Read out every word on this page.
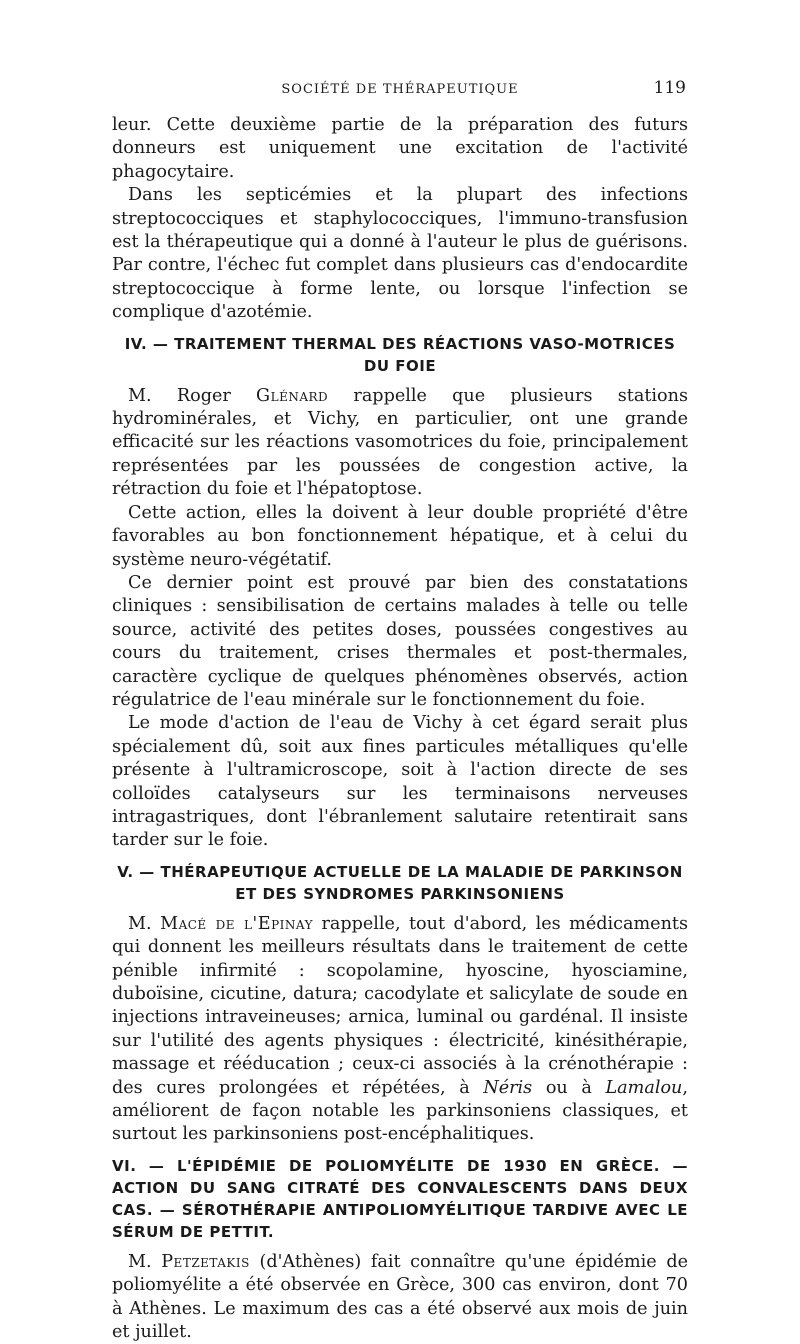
SOCIÉTÉ DE THÉRAPEUTIQUE	119

leur. Cette deuxième partie de la préparation des futurs donneurs est uniquement une excitation de l'activité phagocytaire.

Dans les septicémies et la plupart des infections streptococciques et staphylococciques, l'immuno-transfusion est la thérapeutique qui a donné à l'auteur le plus de guérisons. Par contre, l'échec fut complet dans plusieurs cas d'endocardite streptococcique à forme lente, ou lorsque l'infection se complique d'azotémie.

IV. — TRAITEMENT THERMAL DES RÉACTIONS VASO-MOTRICES DU FOIE

M. Roger Glénard rappelle que plusieurs stations hydrominérales, et Vichy, en particulier, ont une grande efficacité sur les réactions vasomotrices du foie, principalement représentées par les poussées de congestion active, la rétraction du foie et l'hépatoptose.

Cette action, elles la doivent à leur double propriété d'être favorables au bon fonctionnement hépatique, et à celui du système neuro-végétatif.

Ce dernier point est prouvé par bien des constatations cliniques : sensibilisation de certains malades à telle ou telle source, activité des petites doses, poussées congestives au cours du traitement, crises thermales et post-thermales, caractère cyclique de quelques phénomènes observés, action régulatrice de l'eau minérale sur le fonctionnement du foie.

Le mode d'action de l'eau de Vichy à cet égard serait plus spécialement dû, soit aux fines particules métalliques qu'elle présente à l'ultramicroscope, soit à l'action directe de ses colloïdes catalyseurs sur les terminaisons nerveuses intragastriques, dont l'ébranlement salutaire retentirait sans tarder sur le foie.

V. — THÉRAPEUTIQUE ACTUELLE DE LA MALADIE DE PARKINSON ET DES SYNDROMES PARKINSONIENS

M. Macé de l'Epinay rappelle, tout d'abord, les médicaments qui donnent les meilleurs résultats dans le traitement de cette pénible infirmité : scopolamine, hyoscine, hyosciamine, duboïsine, cicutine, datura; cacodylate et salicylate de soude en injections intraveineuses; arnica, luminal ou gardénal. Il insiste sur l'utilité des agents physiques : électricité, kinésithérapie, massage et rééducation ; ceux-ci associés à la crénothérapie : des cures prolongées et répétées, à Néris ou à Lamalou, améliorent de façon notable les parkinsoniens classiques, et surtout les parkinsoniens post-encéphalitiques.

VI. — L'ÉPIDÉMIE DE POLIOMYÉLITE DE 1930 EN GRÈCE. — ACTION DU SANG CITRATÉ DES CONVALESCENTS DANS DEUX CAS. — SÉROTHÉRAPIE ANTIPOLIOMYÉLITIQUE TARDIVE AVEC LE SÉRUM DE PETTIT.

M. Petzetakis (d'Athènes) fait connaître qu'une épidémie de poliomyélite a été observée en Grèce, 300 cas environ, dont 70 à Athènes. Le maximum des cas a été observé aux mois de juin et juillet.
